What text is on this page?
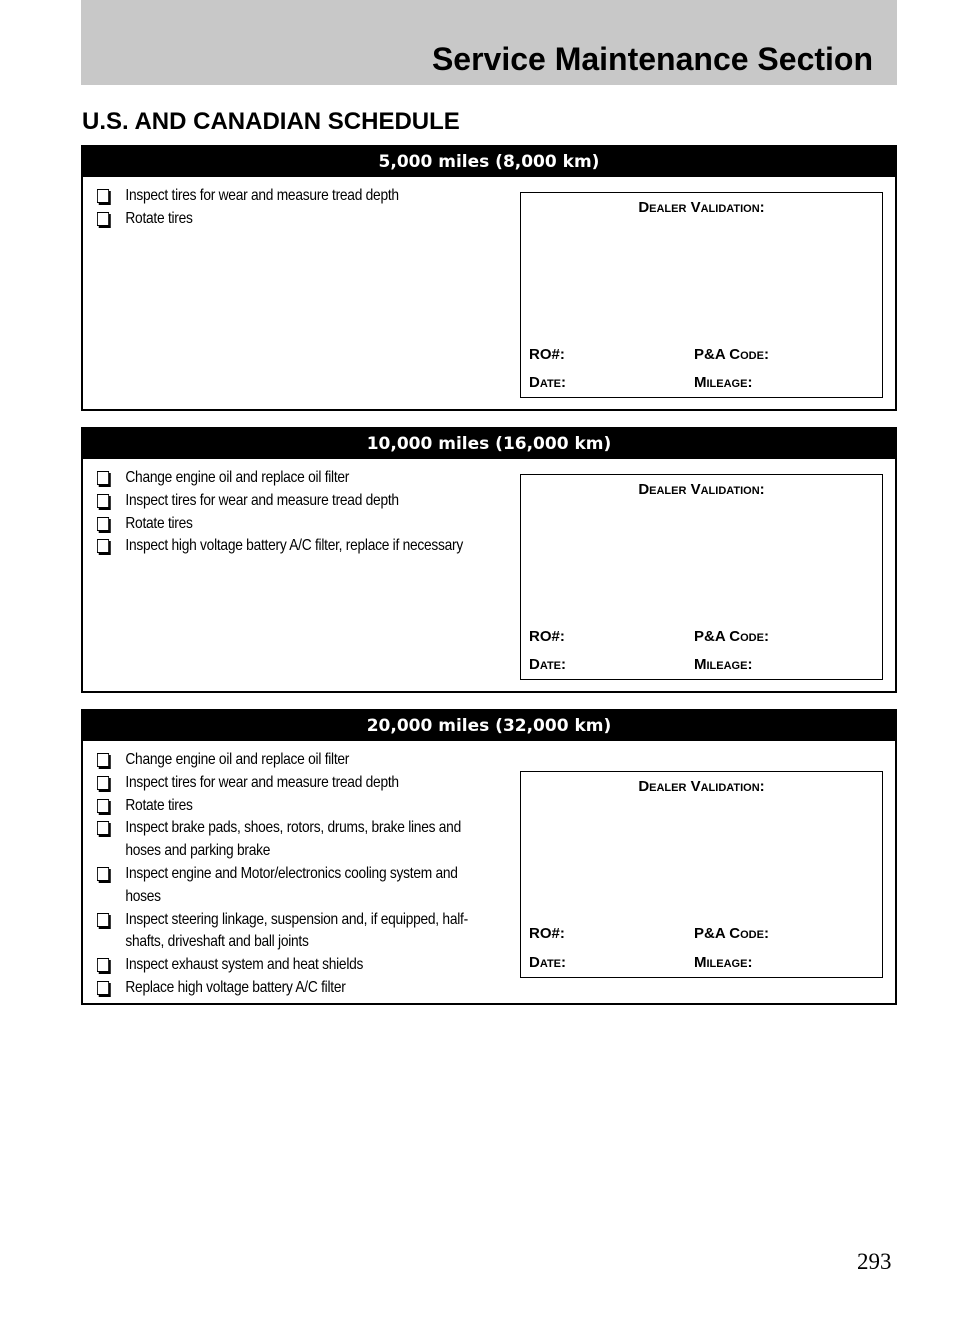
Service Maintenance Section
U.S. AND CANADIAN SCHEDULE
5,000 miles (8,000 km)
Inspect tires for wear and measure tread depth
Rotate tires
Dealer Validation:
RO#:	P&A Code:
Date:	Mileage:
10,000 miles (16,000 km)
Change engine oil and replace oil filter
Inspect tires for wear and measure tread depth
Rotate tires
Inspect high voltage battery A/C filter, replace if necessary
Dealer Validation:
RO#:	P&A Code:
Date:	Mileage:
20,000 miles (32,000 km)
Change engine oil and replace oil filter
Inspect tires for wear and measure tread depth
Rotate tires
Inspect brake pads, shoes, rotors, drums, brake lines and
hoses and parking brake
Inspect engine and Motor/electronics cooling system and
hoses
Inspect steering linkage, suspension and, if equipped, half-
shafts, driveshaft and ball joints
Inspect exhaust system and heat shields
Replace high voltage battery A/C filter
Dealer Validation:
RO#:	P&A Code:
Date:	Mileage:

293
